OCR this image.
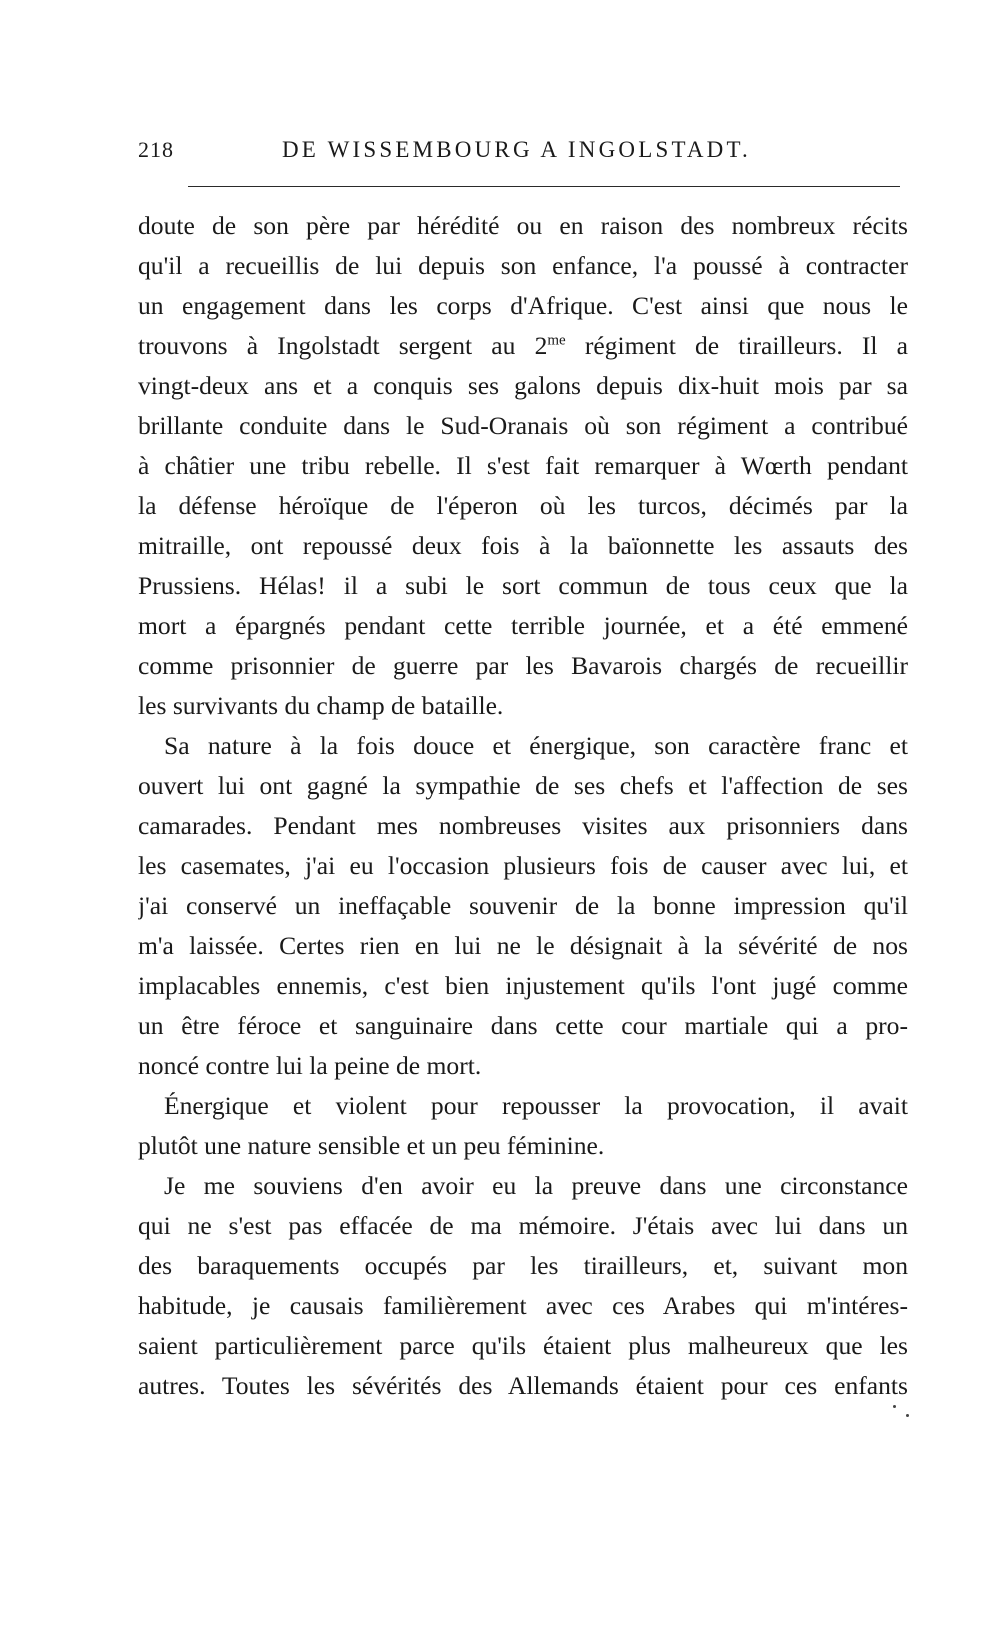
218	DE WISSEMBOURG A INGOLSTADT.
doute de son père par hérédité ou en raison des nombreux récits
qu'il a recueillis de lui depuis son enfance, l'a poussé à contracter
un engagement dans les corps d'Afrique. C'est ainsi que nous le
trouvons à Ingolstadt sergent au $2^{me}$ régiment de tirailleurs. Il a
vingt-deux ans et a conquis ses galons depuis dix-huit mois par sa
brillante conduite dans le Sud-Oranais où son régiment a contribué
à châtier une tribu rebelle. Il s'est fait remarquer à Wœrth pendant
la défense héroïque de l'éperon où les turcos, décimés par la
mitraille, ont repoussé deux fois à la baïonnette les assauts des
Prussiens. Hélas! il a subi le sort commun de tous ceux que la
mort a épargnés pendant cette terrible journée, et a été emmené
comme prisonnier de guerre par les Bavarois chargés de recueillir
les survivants du champ de bataille.
Sa nature à la fois douce et énergique, son caractère franc et
ouvert lui ont gagné la sympathie de ses chefs et l'affection de ses
camarades. Pendant mes nombreuses visites aux prisonniers dans
les casemates, j'ai eu l'occasion plusieurs fois de causer avec lui, et
j'ai conservé un ineffaçable souvenir de la bonne impression qu'il
m'a laissée. Certes rien en lui ne le désignait à la sévérité de nos
implacables ennemis, c'est bien injustement qu'ils l'ont jugé comme
un être féroce et sanguinaire dans cette cour martiale qui a pro-
noncé contre lui la peine de mort.
Énergique et violent pour repousser la provocation, il avait
plutôt une nature sensible et un peu féminine.
Je me souviens d'en avoir eu la preuve dans une circonstance
qui ne s'est pas effacée de ma mémoire. J'étais avec lui dans un
des baraquements occupés par les tirailleurs, et, suivant mon
habitude, je causais familièrement avec ces Arabes qui m'intéres-
saient particulièrement parce qu'ils étaient plus malheureux que les
autres. Toutes les sévérités des Allemands étaient pour ces enfants
